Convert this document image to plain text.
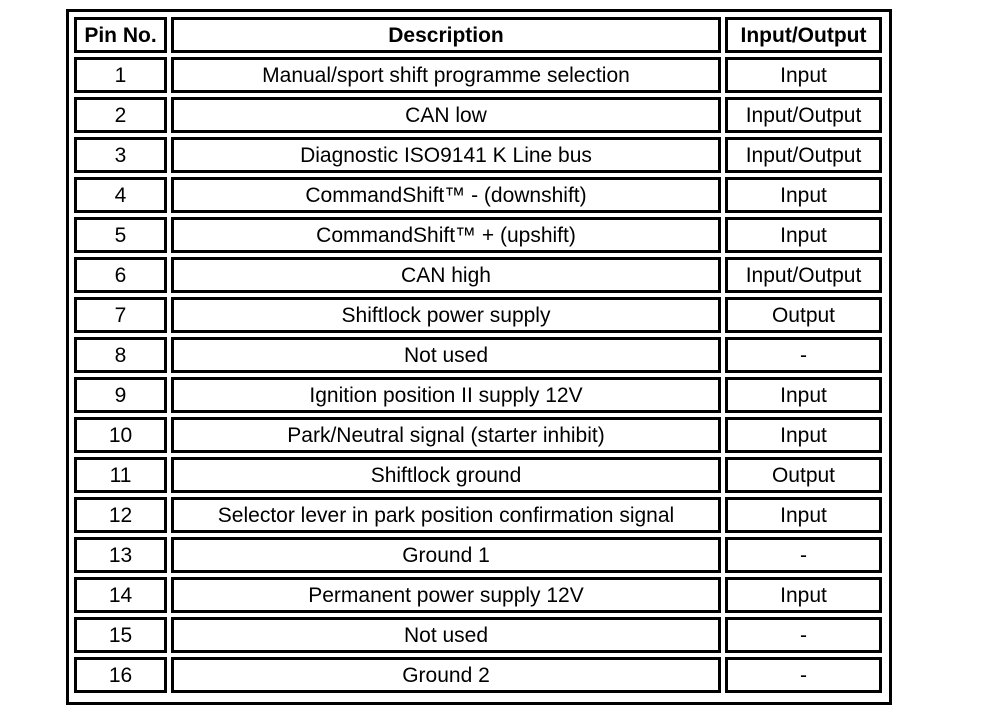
Pin No.	Description	Input/Output
1	Manual/sport shift programme selection	Input
2	CAN low	Input/Output
3	Diagnostic ISO9141 K Line bus	Input/Output
4	CommandShift™ - (downshift)	Input
5	CommandShift™ + (upshift)	Input
6	CAN high	Input/Output
7	Shiftlock power supply	Output
8	Not used	-
9	Ignition position II supply 12V	Input
10	Park/Neutral signal (starter inhibit)	Input
11	Shiftlock ground	Output
12	Selector lever in park position confirmation signal	Input
13	Ground 1	-
14	Permanent power supply 12V	Input
15	Not used	-
16	Ground 2	-
